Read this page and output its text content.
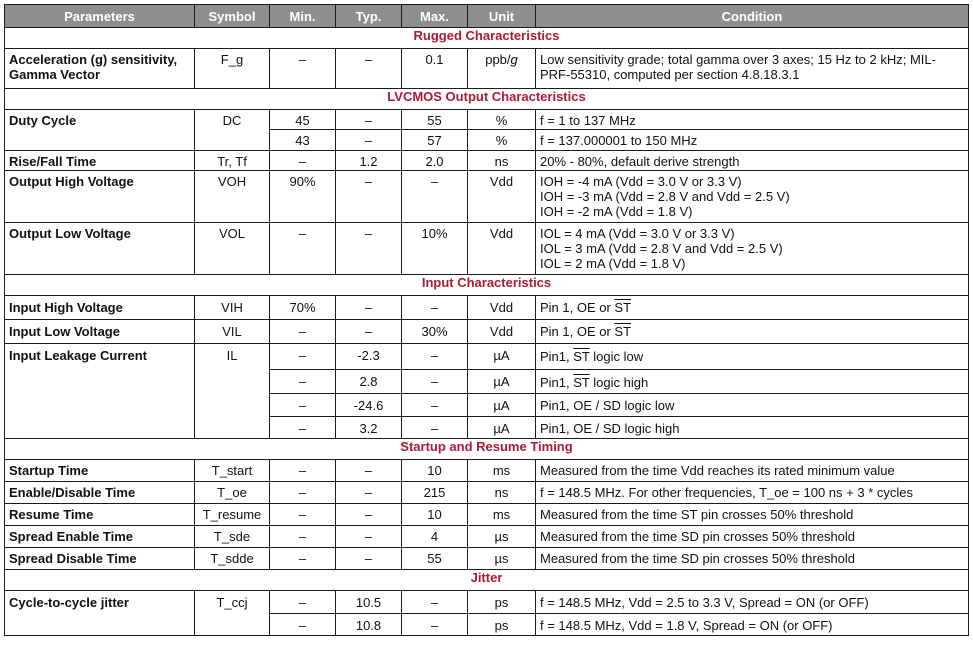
Parameters	Symbol	Min.	Typ.	Max.	Unit	Condition
Rugged Characteristics						

Acceleration (g) sensitivity,
Gamma Vector	F_g	–	–	0.1	ppb/g	Low sensitivity grade; total gamma over 3 axes; 15 Hz to 2 kHz; MIL-
PRF-55310, computed per section 4.8.18.3.1

LVCMOS Output Characteristics						
Duty Cycle	DC	45	–	55	%	f = 1 to 137 MHz
		43	–	57	%	f = 137.000001 to 150 MHz
Rise/Fall Time	Tr, Tf	–	1.2	2.0	ns	20% - 80%, default derive strength
Output High Voltage	VOH	90%	–	–	Vdd	IOH = -4 mA (Vdd = 3.0 V or 3.3 V)
IOH = -3 mA (Vdd = 2.8 V and Vdd = 2.5 V)
IOH = -2 mA (Vdd = 1.8 V)

Output Low Voltage	VOL	–	–	10%	Vdd	IOL = 4 mA (Vdd = 3.0 V or 3.3 V)
IOL = 3 mA (Vdd = 2.8 V and Vdd = 2.5 V)
IOL = 2 mA (Vdd = 1.8 V)

Input Characteristics						
Input High Voltage	VIH	70%	–	–	Vdd	Pin 1, OE or $\overline{ST}$
Input Low Voltage	VIL	–	–	30%	Vdd	Pin 1, OE or $\overline{ST}$
Input Leakage Current	IL	–	-2.3	–	µA	Pin1, $\overline{ST}$ logic low
		–	2.8	–	µA	Pin1, $\overline{ST}$ logic high
		–	-24.6	–	µA	Pin1, OE / SD logic low
		–	3.2	–	µA	Pin1, OE / SD logic high
Startup and Resume Timing						
Startup Time	T_start	–	–	10	ms	Measured from the time Vdd reaches its rated minimum value
Enable/Disable Time	T_oe	–	–	215	ns	f = 148.5 MHz. For other frequencies, T_oe = 100 ns + 3 * cycles
Resume Time	T_resume	–	–	10	ms	Measured from the time ST pin crosses 50% threshold
Spread Enable Time	T_sde	–	–	4	µs	Measured from the time SD pin crosses 50% threshold
Spread Disable Time	T_sdde	–	–	55	µs	Measured from the time SD pin crosses 50% threshold
Jitter						
Cycle-to-cycle jitter	T_ccj	–	10.5	–	ps	f = 148.5 MHz, Vdd = 2.5 to 3.3 V, Spread = ON (or OFF)
		–	10.8	–	ps	f = 148.5 MHz, Vdd = 1.8 V, Spread = ON (or OFF)
